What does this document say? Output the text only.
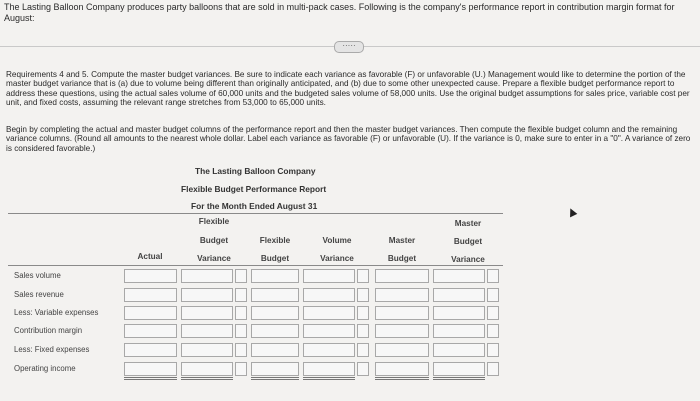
The Lasting Balloon Company produces party balloons that are sold in multi-pack cases. Following is the company's performance report in contribution margin format for August:
·····
Requirements 4 and 5. Compute the master budget variances. Be sure to indicate each variance as favorable (F) or unfavorable (U.) Management would like to determine the portion of the master budget variance that is (a) due to volume being different than originally anticipated, and (b) due to some other unexpected cause. Prepare a flexible budget performance report to address these questions, using the actual sales volume of 60,000 units and the budgeted sales volume of 58,000 units. Use the original budget assumptions for sales price, variable cost per unit, and fixed costs, assuming the relevant range stretches from 53,000 to 65,000 units.
Begin by completing the actual and master budget columns of the performance report and then the master budget variances. Then compute the flexible budget column and the remaining variance columns. (Round all amounts to the nearest whole dollar. Label each variance as favorable (F) or unfavorable (U). If the variance is 0, make sure to enter in a "0". A variance of zero is considered favorable.)
The Lasting Balloon Company
Flexible Budget Performance Report
For the Month Ended August 31
Flexible
Budget
Variance
Actual
Flexible
Budget
Volume
Variance
Master
Budget
Master
Budget
Variance
Sales volume
Sales revenue
Less: Variable expenses
Contribution margin
Less: Fixed expenses
Operating income
